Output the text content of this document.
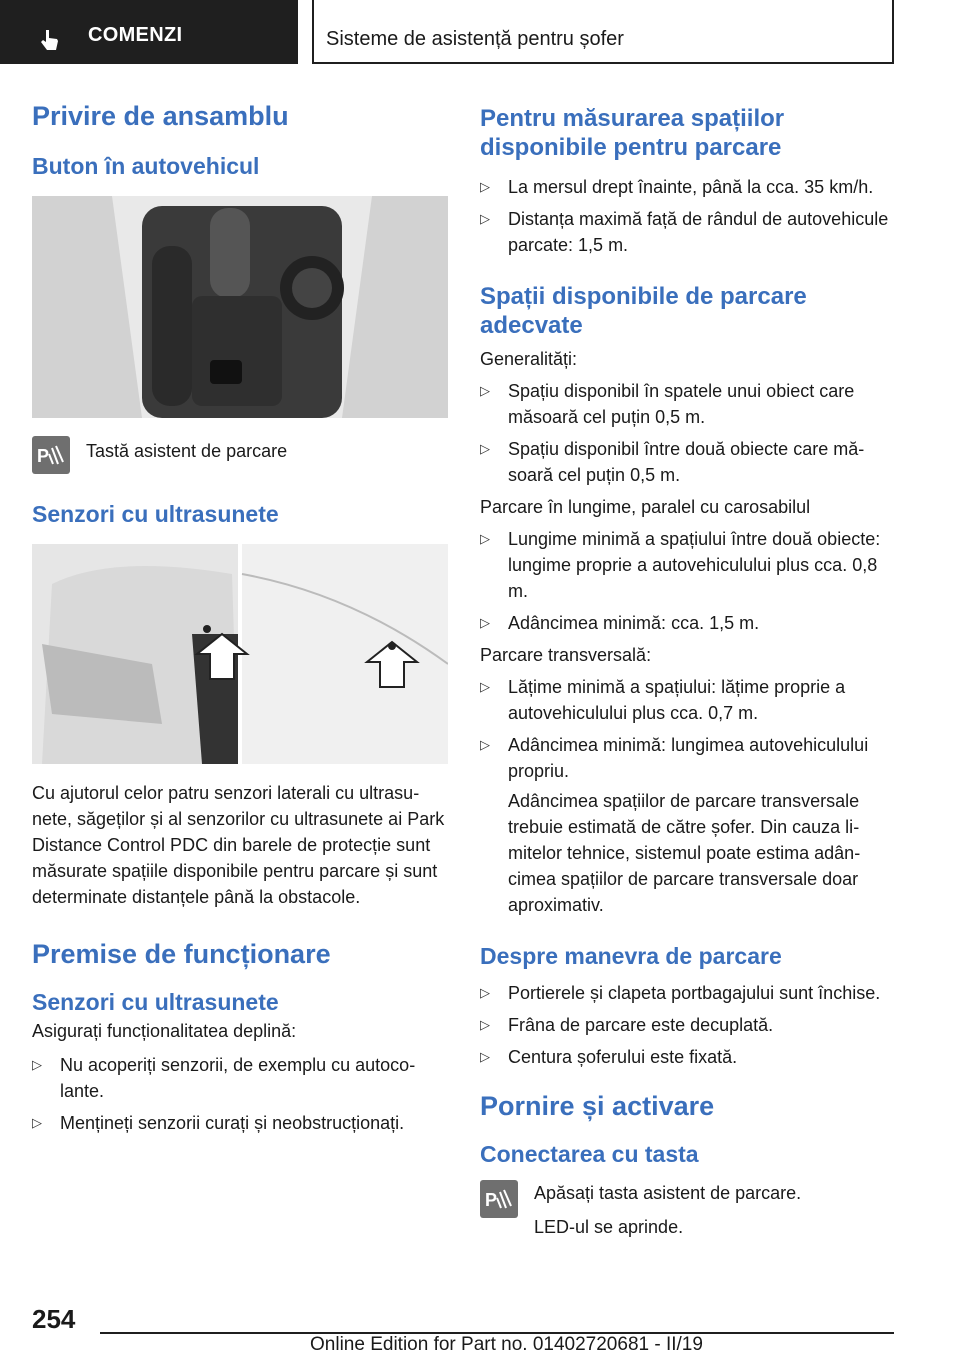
COMENZI	Sisteme de asistență pentru șofer
Privire de ansamblu
Buton în autovehicul
P Tastă asistent de parcare

Senzori cu ultrasunete

Cu ajutorul celor patru senzori laterali cu ultrasunete, săgeților și al senzorilor cu ultrasunete ai Park Distance Control PDC din barele de protecție sunt măsurate spațiile disponibile pentru parcare și sunt determinate distanțele până la obstacole.

Premise de funcționare
Senzori cu ultrasunete

Asigurați funcționalitatea deplină:

▷ Nu acoperiți senzorii, de exemplu cu autocolante.
▷ Mențineți senzorii curați și neobstrucționați.
Pentru măsurarea spațiilor disponibile pentru parcare
▷ La mersul drept înainte, până la cca. 35 km/h.
▷ Distanța maximă față de rândul de autovehicule parcate: 1,5 m.
Spații disponibile de parcare adecvate

Generalități:

▷ Spațiu disponibil în spatele unui obiect care măsoară cel puțin 0,5 m.
▷ Spațiu disponibil între două obiecte care măsoară cel puțin 0,5 m.

Parcare în lungime, paralel cu carosabilul

▷ Lungime minimă a spațiului între două obiecte: lungime proprie a autovehiculului plus cca. 0,8 m.
▷ Adâncimea minimă: cca. 1,5 m.

Parcare transversală:

▷ Lățime minimă a spațiului: lățime proprie a autovehiculului plus cca. 0,7 m.
▷ Adâncimea minimă: lungimea autovehiculului propriu.

Adâncimea spațiilor de parcare transversale trebuie estimată de către șofer. Din cauza limitelor tehnice, sistemul poate estima adâncimea spațiilor de parcare transversale doar aproximativ.

Despre manevra de parcare
▷ Portierele și clapeta portbagajului sunt închise.
▷ Frâna de parcare este decuplată.
▷ Centura șoferului este fixată.
Pornire și activare
Conectarea cu tasta
P Apăsați tasta asistent de parcare.

LED-ul se aprinde.

254
Online Edition for Part no. 01402720681 - II/19
